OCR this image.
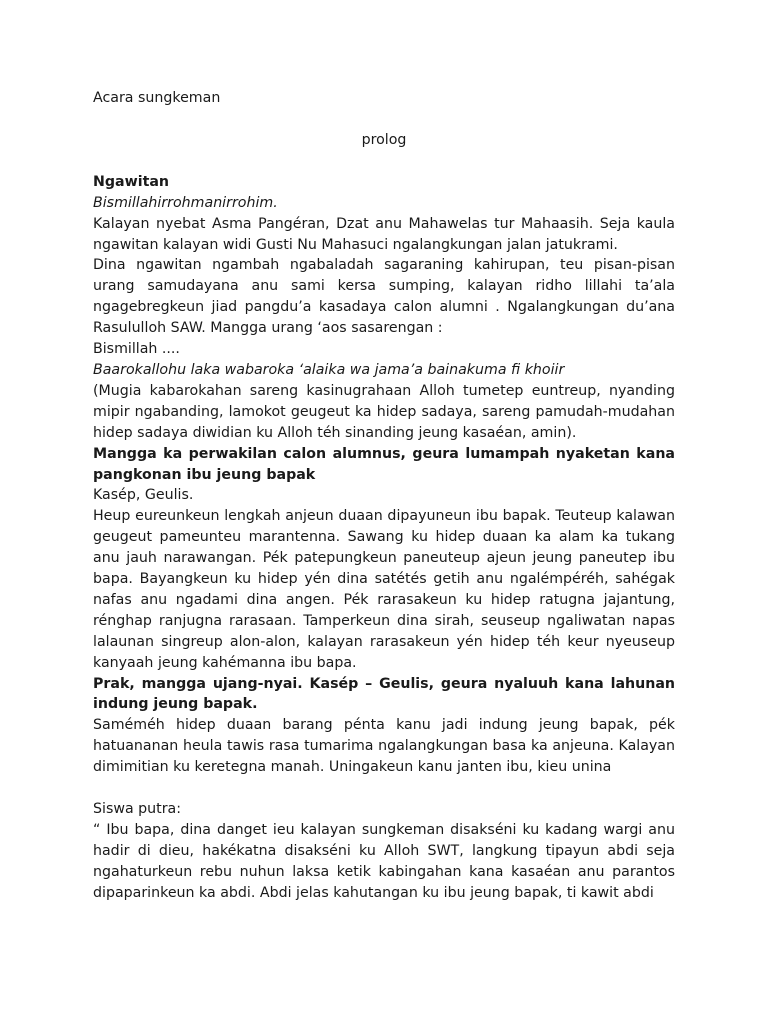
Acara sungkeman

prolog

Ngawitan

Bismillahirrohmanirrohim.

Kalayan nyebat Asma Pangéran, Dzat anu Mahawelas tur Mahaasih. Seja kaula ngawitan kalayan widi Gusti Nu Mahasuci ngalangkungan jalan jatukrami.

Dina ngawitan ngambah ngabaladah sagaraning kahirupan, teu pisan-pisan urang samudayana anu sami kersa sumping, kalayan ridho lillahi ta’ala ngagebregkeun jiad pangdu’a kasadaya calon alumni . Ngalangkungan du’ana Rasululloh SAW. Mangga urang ‘aos sasarengan :

Bismillah ....

Baarokallohu laka wabaroka ‘alaika wa jama’a bainakuma fi khoiir

(Mugia kabarokahan sareng kasinugrahaan Alloh tumetep euntreup, nyanding mipir ngabanding, lamokot geugeut ka hidep sadaya, sareng pamudah-mudahan hidep sadaya diwidian ku Alloh téh sinanding jeung kasaéan, amin).

Mangga ka perwakilan calon alumnus, geura lumampah nyaketan kana pangkonan ibu jeung bapak

Kasép, Geulis.

Heup eureunkeun lengkah anjeun duaan dipayuneun ibu bapak. Teuteup kalawan geugeut pameunteu marantenna. Sawang ku hidep duaan ka alam ka tukang anu jauh narawangan. Pék patepungkeun paneuteup ajeun jeung paneutep ibu bapa. Bayangkeun ku hidep yén dina satétés getih anu ngalémpéréh, sahégak nafas anu ngadami dina angen. Pék rarasakeun ku hidep ratugna jajantung, rénghap ranjugna rarasaan. Tamperkeun dina sirah, seuseup ngaliwatan napas lalaunan singreup alon-alon, kalayan rarasakeun yén hidep téh keur nyeuseup kanyaah jeung kahémanna ibu bapa.

Prak, mangga ujang-nyai. Kasép – Geulis, geura nyaluuh kana lahunan indung jeung bapak.

Saméméh hidep duaan barang pénta kanu jadi indung jeung bapak, pék hatuananan heula tawis rasa tumarima ngalangkungan basa ka anjeuna. Kalayan dimimitian ku keretegna manah. Uningakeun kanu janten ibu, kieu unina

Siswa putra:

“ Ibu bapa, dina danget ieu kalayan sungkeman disakséni ku kadang wargi anu hadir di dieu, hakékatna disakséni ku Alloh SWT, langkung tipayun abdi seja ngahaturkeun rebu nuhun laksa ketik kabingahan kana kasaéan anu parantos dipaparinkeun ka abdi. Abdi jelas kahutangan ku ibu jeung bapak, ti kawit abdi
